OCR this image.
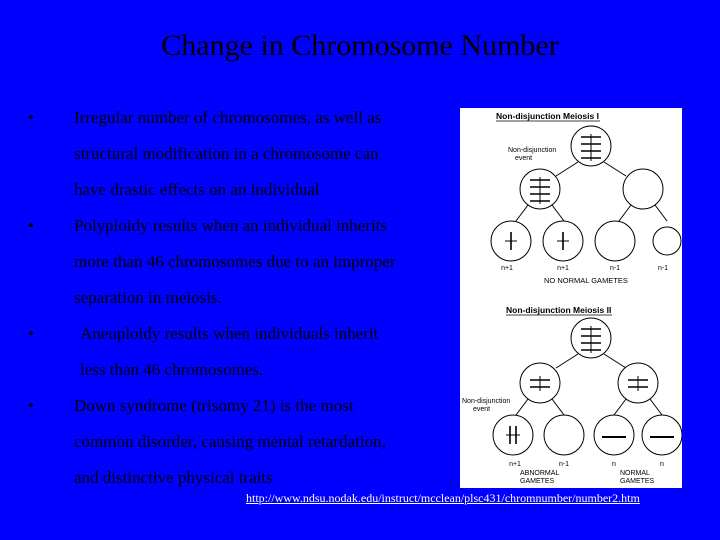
Change in Chromosome Number
•	Irregular number of chromosomes, as well as
structural modification in a chromosome can
have drastic effects on an individual
•	Polyploidy results when an individual inherits
more than 46 chromosomes due to an improper
separation in meiosis.
•	Aneuploidy results when individuals inherit
less than 46 chromosomes.
•	Down syndrome (trisomy 21) is the most
common disorder, causing mental retardation,
and distinctive physical traits
Non-disjunction Meiosis I
Non-disjunction
event
n+1	n+1	n-1	n-1
NO NORMAL GAMETES
Non-disjunction Meiosis II
Non-disjunction
event
n+1	n-1	n	n
ABNORMAL
GAMETES
NORMAL
GAMETES
http://www.ndsu.nodak.edu/instruct/mcclean/plsc431/chromnumber/number2.htm
